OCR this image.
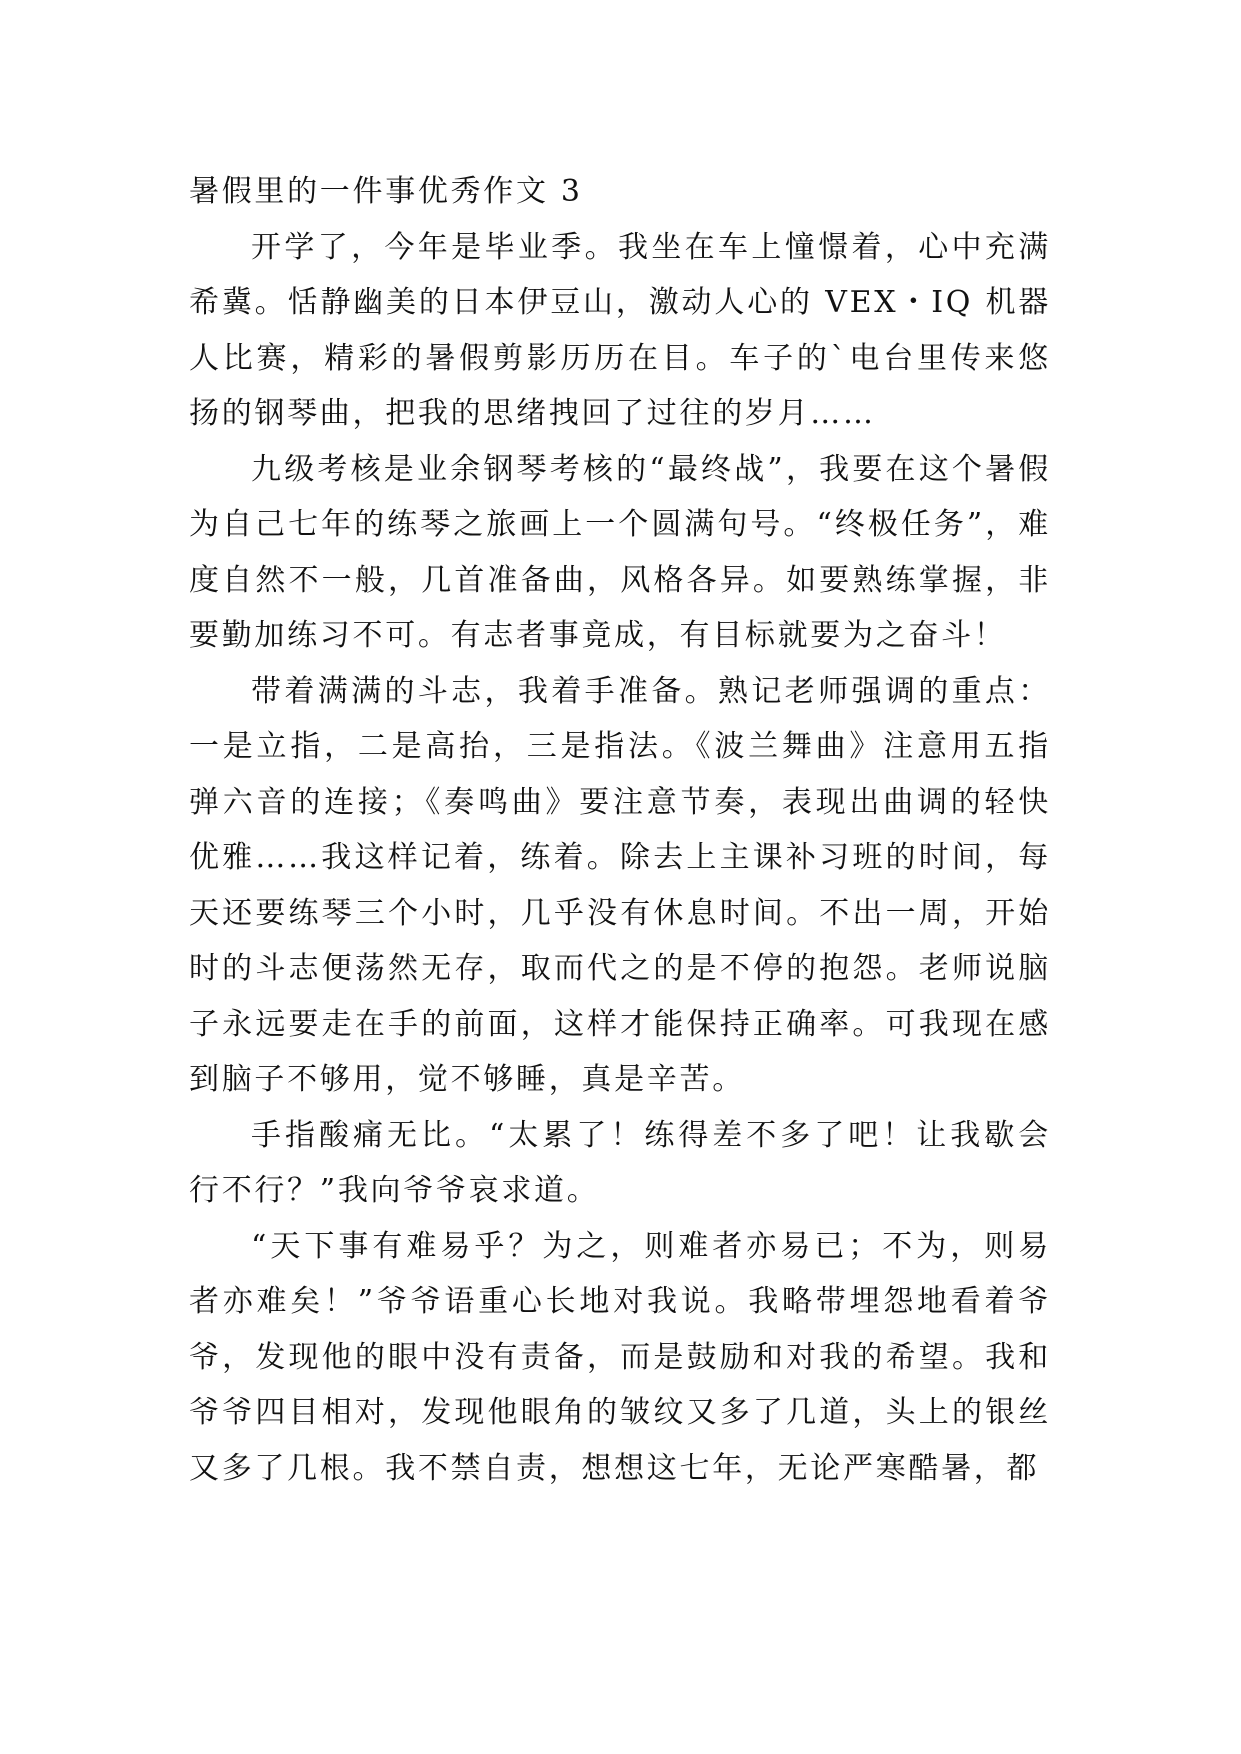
暑假里的一件事优秀作文 3

开学了，今年是毕业季。我坐在车上憧憬着，心中充满希冀。恬静幽美的日本伊豆山，激动人心的 VEX・IQ 机器人比赛，精彩的暑假剪影历历在目。车子的`电台里传来悠扬的钢琴曲，把我的思绪拽回了过往的岁月……

九级考核是业余钢琴考核的“最终战”，我要在这个暑假为自己七年的练琴之旅画上一个圆满句号。“终极任务”，难度自然不一般，几首准备曲，风格各异。如要熟练掌握，非要勤加练习不可。有志者事竟成，有目标就要为之奋斗！

带着满满的斗志，我着手准备。熟记老师强调的重点：一是立指，二是高抬，三是指法。《波兰舞曲》注意用五指弹六音的连接；《奏鸣曲》要注意节奏，表现出曲调的轻快优雅……我这样记着，练着。除去上主课补习班的时间，每天还要练琴三个小时，几乎没有休息时间。不出一周，开始时的斗志便荡然无存，取而代之的是不停的抱怨。老师说脑子永远要走在手的前面，这样才能保持正确率。可我现在感到脑子不够用，觉不够睡，真是辛苦。

手指酸痛无比。“太累了！练得差不多了吧！让我歇会行不行？”我向爷爷哀求道。

“天下事有难易乎？为之，则难者亦易已；不为，则易者亦难矣！”爷爷语重心长地对我说。我略带埋怨地看着爷爷，发现他的眼中没有责备，而是鼓励和对我的希望。我和爷爷四目相对，发现他眼角的皱纹又多了几道，头上的银丝又多了几根。我不禁自责，想想这七年，无论严寒酷暑，都
